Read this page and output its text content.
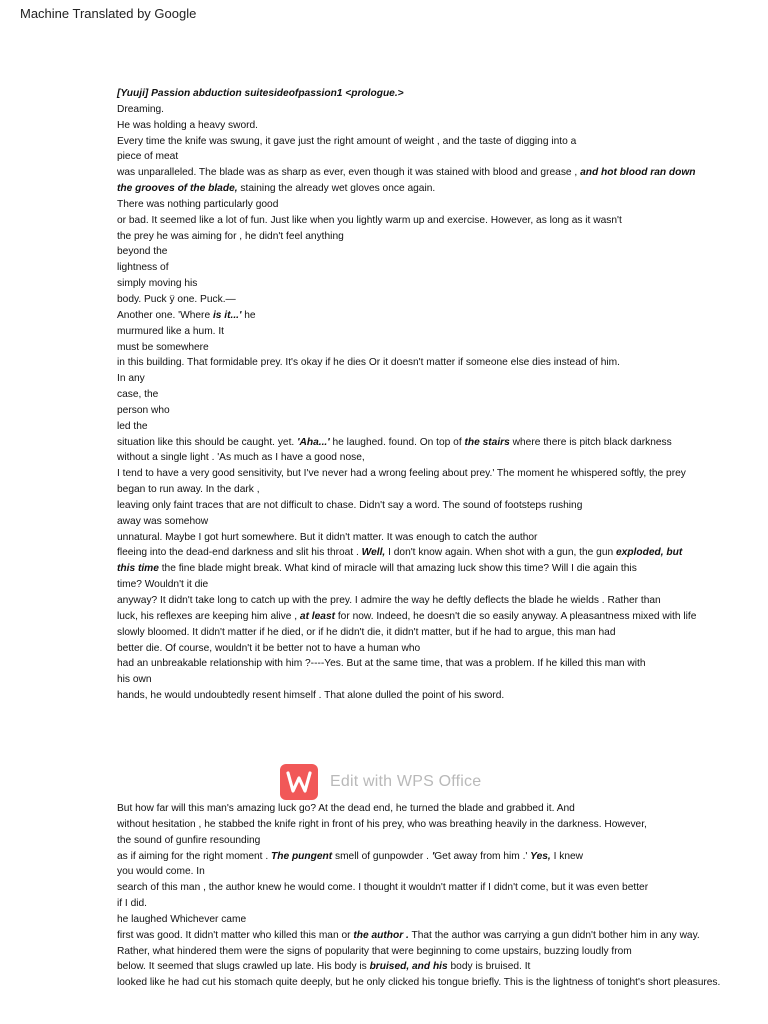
Machine Translated by Google
[Yuuji] Passion abduction suitesideofpassion1 <prologue.>
Dreaming.
He was holding a heavy sword.
Every time the knife was swung, it gave just the right amount of weight , and the taste of digging into a
piece of meat
was unparalleled. The blade was as sharp as ever, even though it was stained with blood and grease , and hot blood ran down
the grooves of the blade, staining the already wet gloves once again.
There was nothing particularly good
or bad. It seemed like a lot of fun. Just like when you lightly warm up and exercise. However, as long as it wasn't
the prey he was aiming for , he didn't feel anything
beyond the
lightness of
simply moving his
body. Puck ÿ one. Puck.—
Another one. 'Where is it...' he
murmured like a hum. It
must be somewhere
in this building. That formidable prey. It's okay if he dies Or it doesn't matter if someone else dies instead of him.
In any
case, the
person who
led the
situation like this should be caught. yet. 'Aha...' he laughed. found. On top of the stairs where there is pitch black darkness
without a single light . 'As much as I have a good nose,
I tend to have a very good sensitivity, but I've never had a wrong feeling about prey.' The moment he whispered softly, the prey
began to run away. In the dark ,
leaving only faint traces that are not difficult to chase. Didn't say a word. The sound of footsteps rushing
away was somehow
unnatural. Maybe I got hurt somewhere. But it didn't matter. It was enough to catch the author
fleeing into the dead-end darkness and slit his throat . Well, I don't know again. When shot with a gun, the gun exploded, but
this time the fine blade might break. What kind of miracle will that amazing luck show this time? Will I die again this
time? Wouldn't it die
anyway? It didn't take long to catch up with the prey. I admire the way he deftly deflects the blade he wields . Rather than
luck, his reflexes are keeping him alive , at least for now. Indeed, he doesn't die so easily anyway. A pleasantness mixed with life
slowly bloomed. It didn't matter if he died, or if he didn't die, it didn't matter, but if he had to argue, this man had
better die. Of course, wouldn't it be better not to have a human who
had an unbreakable relationship with him ?----Yes. But at the same time, that was a problem. If he killed this man with
his own
hands, he would undoubtedly resent himself . That alone dulled the point of his sword.
Edit with WPS Office
But how far will this man's amazing luck go? At the dead end, he turned the blade and grabbed it. And
without hesitation , he stabbed the knife right in front of his prey, who was breathing heavily in the darkness. However,
the sound of gunfire resounding
as if aiming for the right moment . The pungent smell of gunpowder . 'Get away from him .' Yes, I knew
you would come. In
search of this man , the author knew he would come. I thought it wouldn't matter if I didn't come, but it was even better
if I did.
he laughed Whichever came
first was good. It didn't matter who killed this man or the author . That the author was carrying a gun didn't bother him in any way.
Rather, what hindered them were the signs of popularity that were beginning to come upstairs, buzzing loudly from
below. It seemed that slugs crawled up late. His body is bruised, and his body is bruised. It
looked like he had cut his stomach quite deeply, but he only clicked his tongue briefly. This is the lightness of tonight's short pleasures.
